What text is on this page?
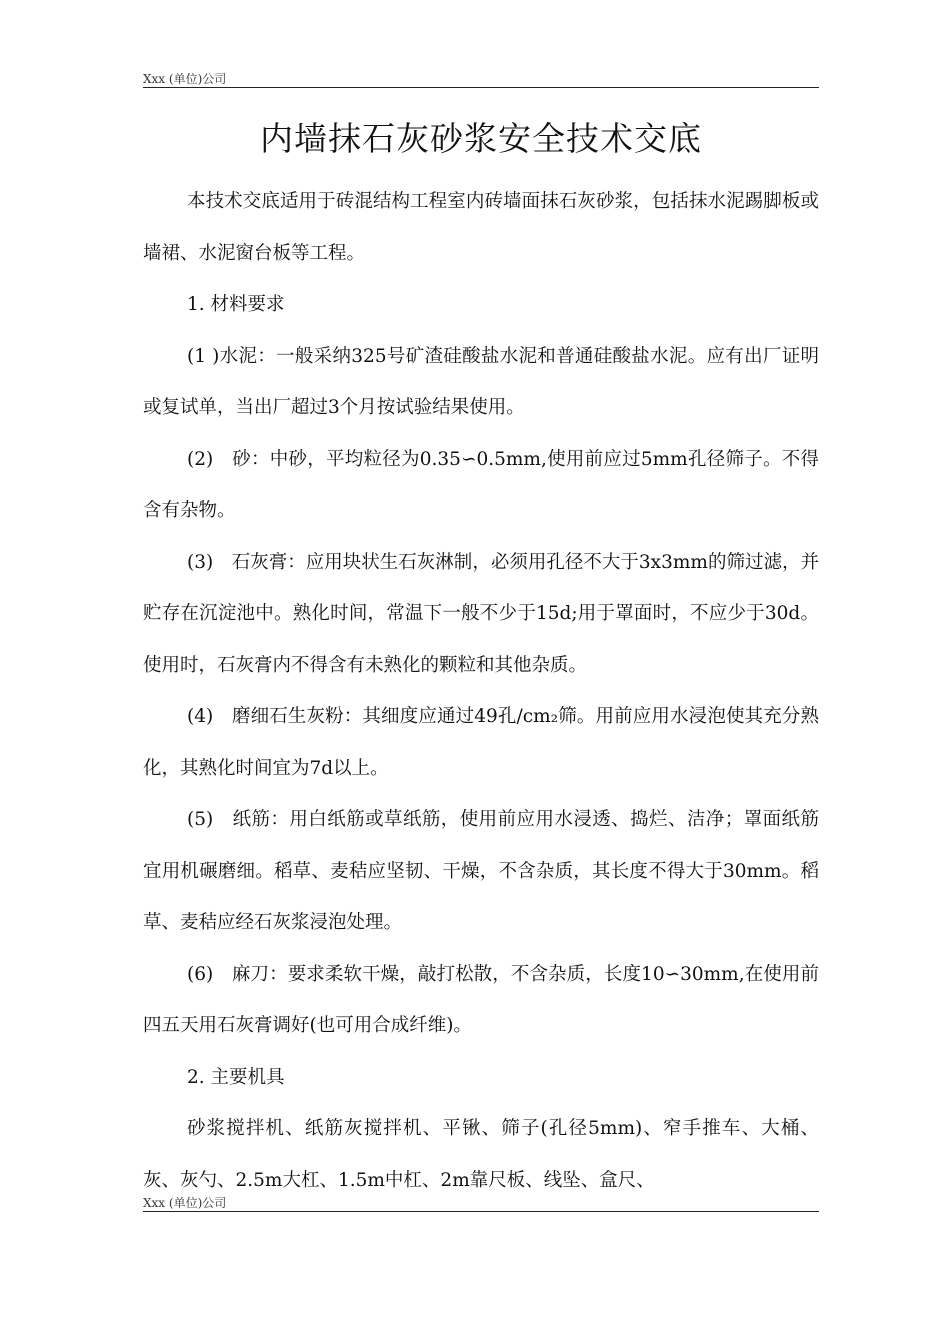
Xxx (单位)公司
内墙抹石灰砂浆安全技术交底

本技术交底适用于砖混结构工程室内砖墙面抹石灰砂浆，包括抹水泥踢脚板或墙裙、水泥窗台板等工程。

1. 材料要求

(1 )水泥：一般采纳325号矿渣硅酸盐水泥和普通硅酸盐水泥。应有出厂证明或复试单，当出厂超过3个月按试验结果使用。

(2)　砂：中砂，平均粒径为0.35∽0.5mm,使用前应过5mm孔径筛子。不得含有杂物。

(3)　石灰膏：应用块状生石灰淋制，必须用孔径不大于3x3mm的筛过滤，并贮存在沉淀池中。熟化时间，常温下一般不少于15d;用于罩面时，不应少于30d。使用时，石灰膏内不得含有未熟化的颗粒和其他杂质。

(4)　磨细石生灰粉：其细度应通过49孔/cm₂筛。用前应用水浸泡使其充分熟化，其熟化时间宜为7d以上。

(5)　纸筋：用白纸筋或草纸筋，使用前应用水浸透、捣烂、洁净；罩面纸筋宜用机碾磨细。稻草、麦秸应坚韧、干燥，不含杂质，其长度不得大于30mm。稻草、麦秸应经石灰浆浸泡处理。

(6)　麻刀：要求柔软干燥，敲打松散，不含杂质，长度10∽30mm,在使用前四五天用石灰膏调好(也可用合成纤维)。

2. 主要机具

砂浆搅拌机、纸筋灰搅拌机、平锹、筛子(孔径5mm)、窄手推车、大桶、灰、灰勺、2.5m大杠、1.5m中杠、2m靠尺板、线坠、盒尺、

Xxx (单位)公司
